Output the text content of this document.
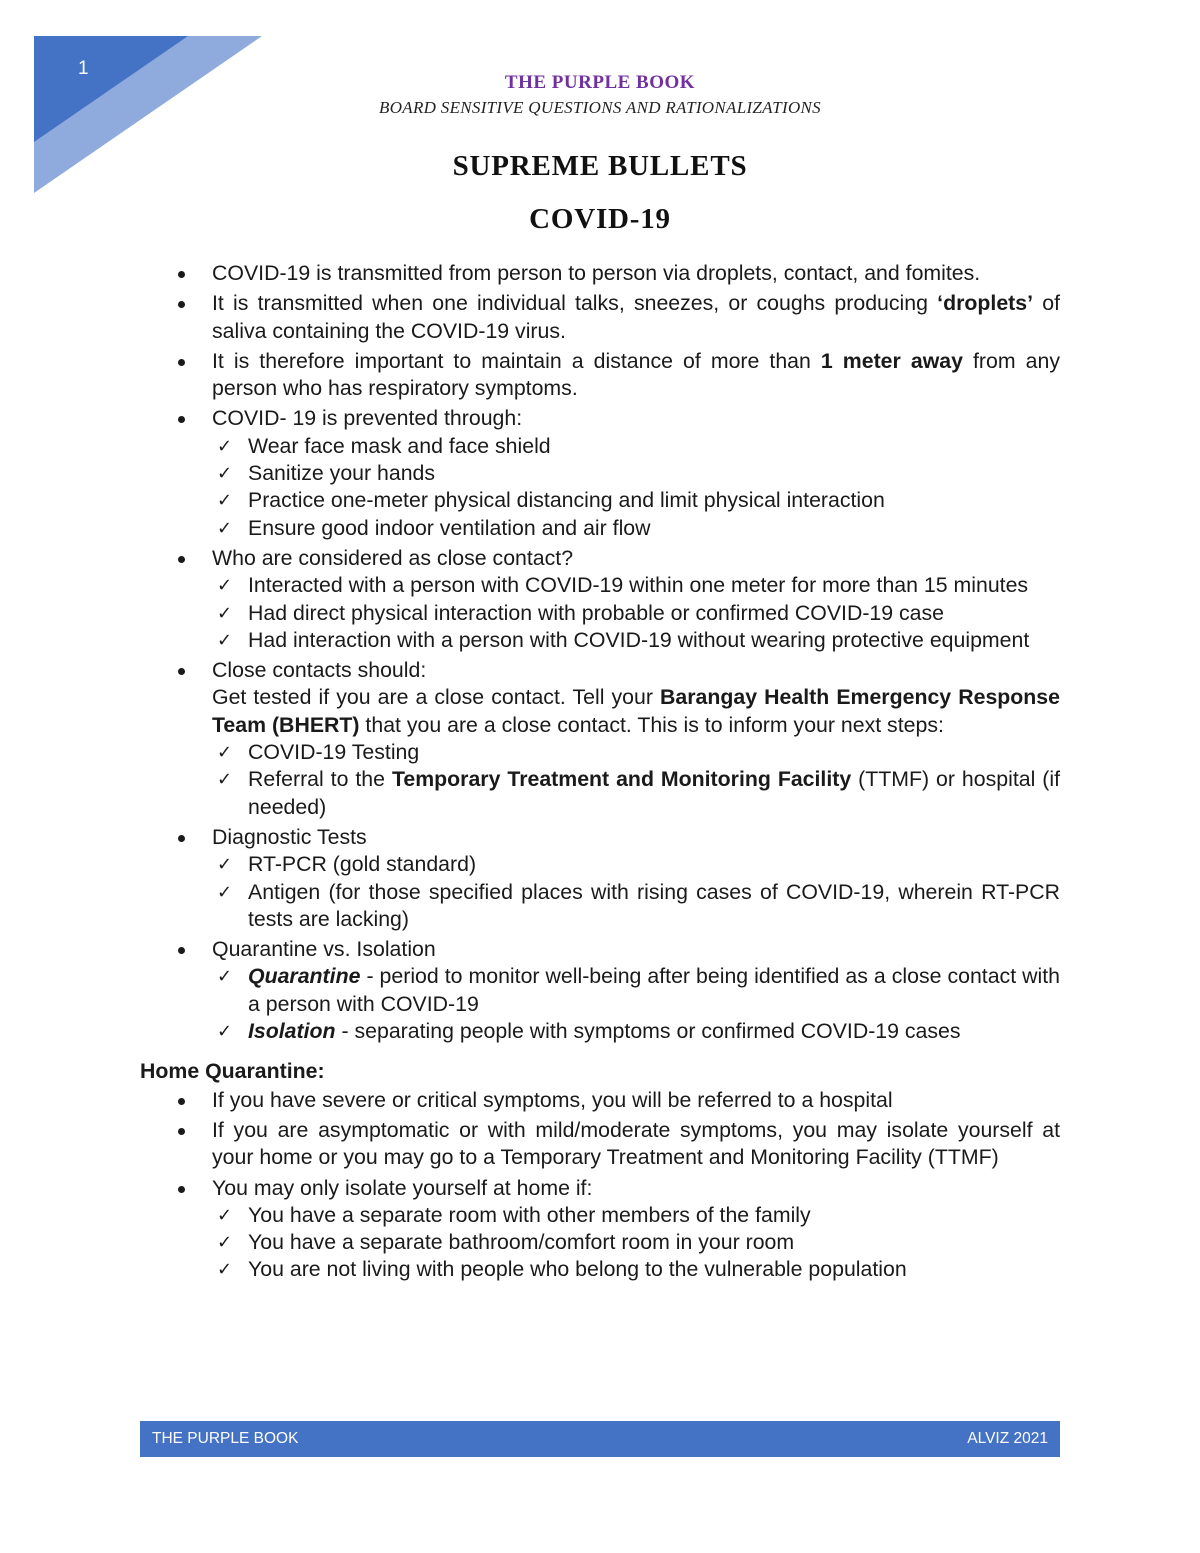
1
THE PURPLE BOOK
BOARD SENSITIVE QUESTIONS AND RATIONALIZATIONS
SUPREME BULLETS
COVID-19
COVID-19 is transmitted from person to person via droplets, contact, and fomites.
It is transmitted when one individual talks, sneezes, or coughs producing ‘droplets’ of saliva containing the COVID-19 virus.
It is therefore important to maintain a distance of more than 1 meter away from any person who has respiratory symptoms.
COVID- 19 is prevented through:
✓ Wear face mask and face shield
✓ Sanitize your hands
✓ Practice one-meter physical distancing and limit physical interaction
✓ Ensure good indoor ventilation and air flow
Who are considered as close contact?
✓ Interacted with a person with COVID-19 within one meter for more than 15 minutes
✓ Had direct physical interaction with probable or confirmed COVID-19 case
✓ Had interaction with a person with COVID-19 without wearing protective equipment
Close contacts should:
Get tested if you are a close contact. Tell your Barangay Health Emergency Response Team (BHERT) that you are a close contact. This is to inform your next steps:
✓ COVID-19 Testing
✓ Referral to the Temporary Treatment and Monitoring Facility (TTMF) or hospital (if needed)
Diagnostic Tests
✓ RT-PCR (gold standard)
✓ Antigen (for those specified places with rising cases of COVID-19, wherein RT-PCR tests are lacking)
Quarantine vs. Isolation
✓ Quarantine - period to monitor well-being after being identified as a close contact with a person with COVID-19
✓ Isolation - separating people with symptoms or confirmed COVID-19 cases
Home Quarantine:
If you have severe or critical symptoms, you will be referred to a hospital
If you are asymptomatic or with mild/moderate symptoms, you may isolate yourself at your home or you may go to a Temporary Treatment and Monitoring Facility (TTMF)
You may only isolate yourself at home if:
✓ You have a separate room with other members of the family
✓ You have a separate bathroom/comfort room in your room
✓ You are not living with people who belong to the vulnerable population
THE PURPLE BOOK	ALVIZ 2021
